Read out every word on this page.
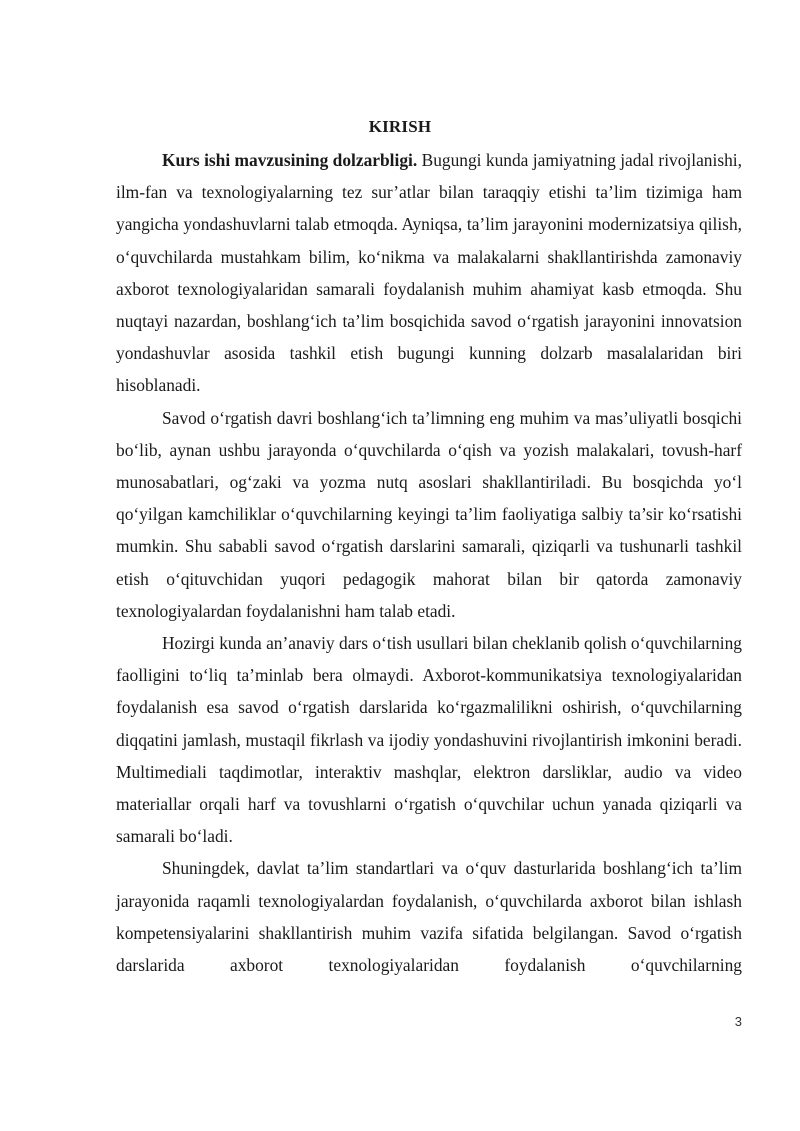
KIRISH

Kurs ishi mavzusining dolzarbligi. Bugungi kunda jamiyatning jadal rivojlanishi, ilm-fan va texnologiyalarning tez sur’atlar bilan taraqqiy etishi ta’lim tizimiga ham yangicha yondashuvlarni talab etmoqda. Ayniqsa, ta’lim jarayonini modernizatsiya qilish, o‘quvchilarda mustahkam bilim, ko‘nikma va malakalarni shakllantirishda zamonaviy axborot texnologiyalaridan samarali foydalanish muhim ahamiyat kasb etmoqda. Shu nuqtayi nazardan, boshlang‘ich ta’lim bosqichida savod o‘rgatish jarayonini innovatsion yondashuvlar asosida tashkil etish bugungi kunning dolzarb masalalaridan biri hisoblanadi.

Savod o‘rgatish davri boshlang‘ich ta’limning eng muhim va mas’uliyatli bosqichi bo‘lib, aynan ushbu jarayonda o‘quvchilarda o‘qish va yozish malakalari, tovush-harf munosabatlari, og‘zaki va yozma nutq asoslari shakllantiriladi. Bu bosqichda yo‘l qo‘yilgan kamchiliklar o‘quvchilarning keyingi ta’lim faoliyatiga salbiy ta’sir ko‘rsatishi mumkin. Shu sababli savod o‘rgatish darslarini samarali, qiziqarli va tushunarli tashkil etish o‘qituvchidan yuqori pedagogik mahorat bilan bir qatorda zamonaviy texnologiyalardan foydalanishni ham talab etadi.

Hozirgi kunda an’anaviy dars o‘tish usullari bilan cheklanib qolish o‘quvchilarning faolligini to‘liq ta’minlab bera olmaydi. Axborot-kommunikatsiya texnologiyalaridan foydalanish esa savod o‘rgatish darslarida ko‘rgazmalilikni oshirish, o‘quvchilarning diqqatini jamlash, mustaqil fikrlash va ijodiy yondashuvini rivojlantirish imkonini beradi. Multimediali taqdimotlar, interaktiv mashqlar, elektron darsliklar, audio va video materiallar orqali harf va tovushlarni o‘rgatish o‘quvchilar uchun yanada qiziqarli va samarali bo‘ladi.

Shuningdek, davlat ta’lim standartlari va o‘quv dasturlarida boshlang‘ich ta’lim jarayonida raqamli texnologiyalardan foydalanish, o‘quvchilarda axborot bilan ishlash kompetensiyalarini shakllantirish muhim vazifa sifatida belgilangan. Savod o‘rgatish darslarida axborot texnologiyalaridan foydalanish o‘quvchilarning

3
